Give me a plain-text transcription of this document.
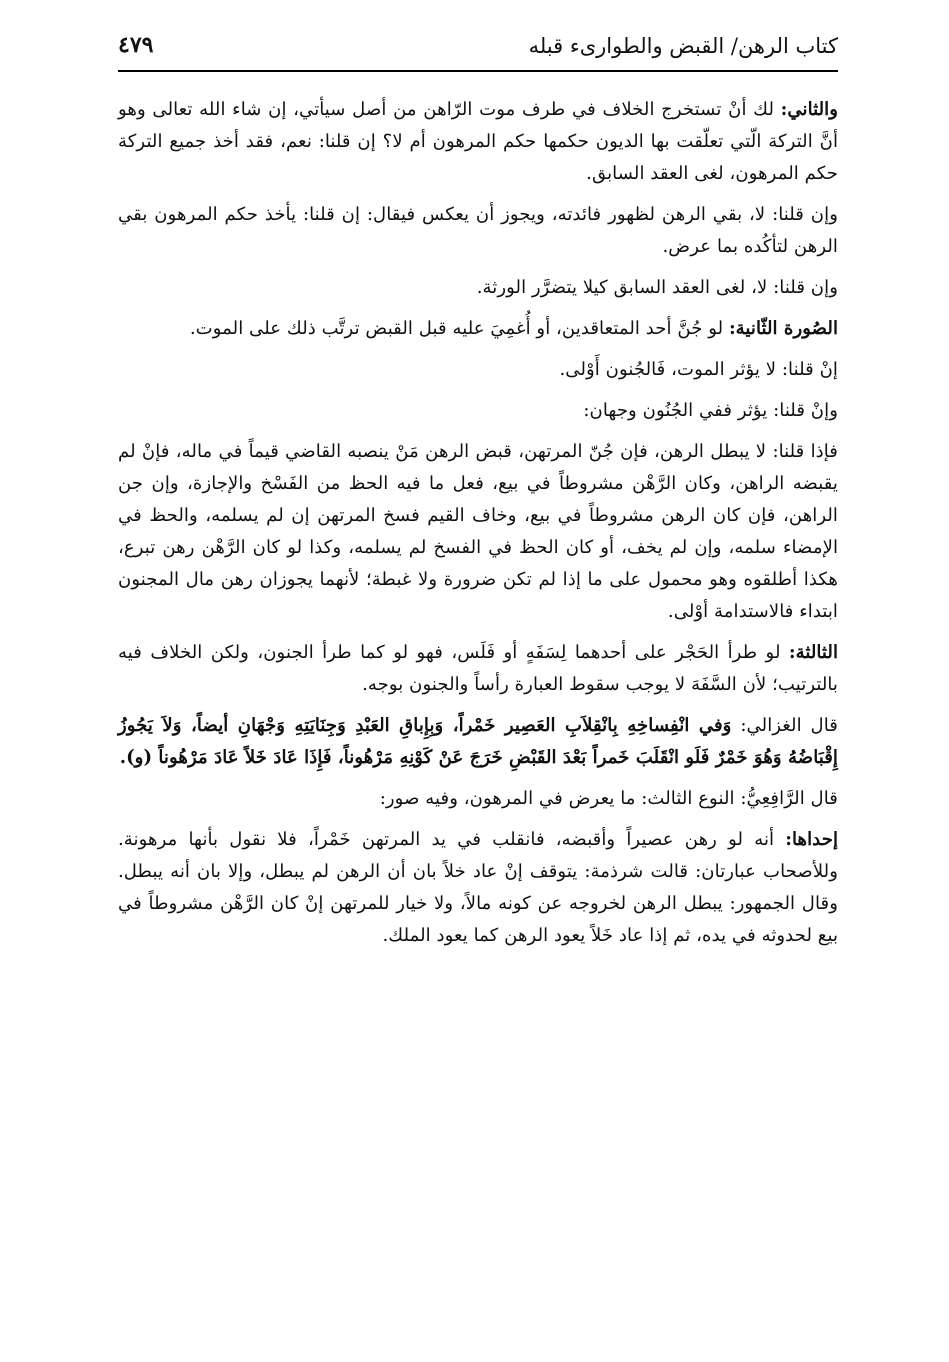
كتاب الرهن/ القبض والطوارىء قبله
٤٧٩

والثاني: لك أنْ تستخرج الخلاف في طرف موت الرّاهن من أصل سيأتي، إن شاء الله تعالى وهو أنَّ التركة الّتي تعلّقت بها الديون حكمها حكم المرهون أم لا؟ إن قلنا: نعم، فقد أخذ جميع التركة حكم المرهون، لغى العقد السابق.

وإن قلنا: لا، بقي الرهن لظهور فائدته، ويجوز أن يعكس فيقال: إن قلنا: يأخذ حكم المرهون بقي الرهن لتأكُده بما عرض.

وإن قلنا: لا، لغى العقد السابق كيلا يتضرَّر الورثة.

الصُورة الثّانية: لو جُنَّ أحد المتعاقدين، أو أُغمِيَ عليه قبل القبض ترتَّب ذلك على الموت.

إنْ قلنا: لا يؤثر الموت، فَالجُنون أَوْلى.

وإنْ قلنا: يؤثر ففي الجُنُون وجهان:

فإذا قلنا: لا يبطل الرهن، فإن جُنّ المرتهن، قبض الرهن مَنْ ينصبه القاضي قيماً في ماله، فإنْ لم يقبضه الراهن، وكان الرَّهْن مشروطاً في بيع، فعل ما فيه الحظ من الفَسْخ والإجازة، وإن جن الراهن، فإن كان الرهن مشروطاً في بيع، وخاف القيم فسخ المرتهن إن لم يسلمه، والحظ في الإمضاء سلمه، وإن لم يخف، أو كان الحظ في الفسخ لم يسلمه، وكذا لو كان الرَّهْن رهن تبرع، هكذا أطلقوه وهو محمول على ما إذا لم تكن ضرورة ولا غبطة؛ لأنهما يجوزان رهن مال المجنون ابتداء فالاستدامة أوْلى.

الثالثة: لو طرأ الحَجْر على أحدهما لِسَفَهٍ أو فَلَس، فهو لو كما طرأ الجنون، ولكن الخلاف فيه بالترتيب؛ لأن السَّفَهَ لا يوجب سقوط العبارة رأساً والجنون بوجه.

قال الغزالي: وَفي انْفِساخِهِ بِانْقِلاَبِ العَصِير خَمْراً، وَبِإِباقِ العَبْدِ وَجِنَايَتِهِ وَجْهَانِ أيضاً، وَلاَ يَجُوزُ إِقْبَاضُهُ وَهُوَ خَمْرٌ فَلَو انْقَلَبَ خَمراً بَعْدَ القَبْضِ خَرَجَ عَنْ كَوْنِهِ مَرْهُوناً، فَإِذَا عَادَ خَلاً عَادَ مَرْهُوناً (و).

قال الرَّافِعِيُّ: النوع الثالث: ما يعرض في المرهون، وفيه صور:

إحداها: أنه لو رهن عصيراً وأقبضه، فانقلب في يد المرتهن خَمْراً، فلا نقول بأنها مرهونة. وللأصحاب عبارتان: قالت شرذمة: يتوقف إنْ عاد خلاً بان أن الرهن لم يبطل، وإلا بان أنه يبطل. وقال الجمهور: يبطل الرهن لخروجه عن كونه مالاً، ولا خيار للمرتهن إنْ كان الرَّهْن مشروطاً في بيع لحدوثه في يده، ثم إذا عاد خَلاً يعود الرهن كما يعود الملك.
